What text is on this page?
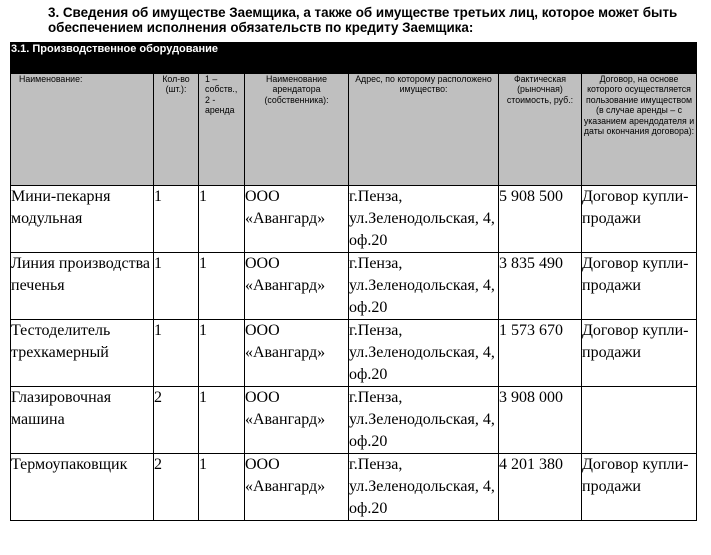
3. Сведения об имуществе Заемщика, а также об имуществе третьих лиц, которое может быть обеспечением исполнения обязательств по кредиту Заемщика:
3.1. Производственное оборудование						
Наименование:	Кол-во (шт.):	1 – собств., 2 - аренда	Наименование арендатора (собственника):	Адрес, по которому расположено имущество:	Фактическая (рыночная) стоимость, руб.:	Договор, на основе которого осуществляется пользование имуществом (в случае аренды – с указанием арендодателя и даты окончания договора):
Мини-пекарня модульная	1	1	ООО «Авангард»	г.Пенза, ул.Зеленодольская, 4, оф.20	5 908 500	Договор купли-продажи
Линия производства печенья	1	1	ООО «Авангард»	г.Пенза, ул.Зеленодольская, 4, оф.20	3 835 490	Договор купли-продажи
Тестоделитель трехкамерный	1	1	ООО «Авангард»	г.Пенза, ул.Зеленодольская, 4, оф.20	1 573 670	Договор купли-продажи
Глазировочная машина	2	1	ООО «Авангард»	г.Пенза, ул.Зеленодольская, 4, оф.20	3 908 000	
Термоупаковщик	2	1	ООО «Авангард»	г.Пенза, ул.Зеленодольская, 4, оф.20	4 201 380	Договор купли-продажи
